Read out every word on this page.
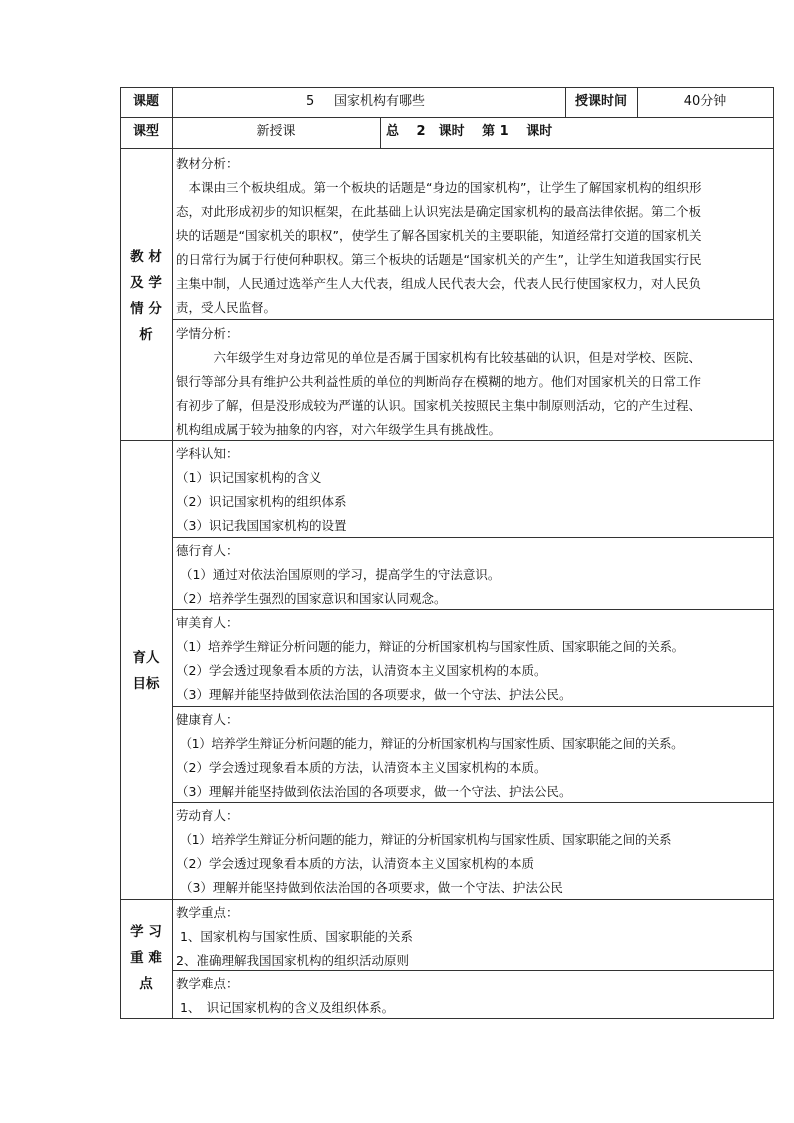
课题	5 国家机构有哪些	授课时间	40分钟
课型	新授课	总　 2　课时　 第 1　 课时
教 材
及 学
情 分
析
教材分析：
　本课由三个板块组成。第一个板块的话题是“身边的国家机构”，让学生了解国家机构的组织形
态，对此形成初步的知识框架，在此基础上认识宪法是确定国家机构的最高法律依据。第二个板
块的话题是“国家机关的职权”，使学生了解各国家机关的主要职能，知道经常打交道的国家机关
的日常行为属于行使何种职权。第三个板块的话题是“国家机关的产生”，让学生知道我国实行民
主集中制，人民通过选举产生人大代表，组成人民代表大会，代表人民行使国家权力，对人民负
责，受人民监督。
学情分析：
　　　六年级学生对身边常见的单位是否属于国家机构有比较基础的认识，但是对学校、医院、
银行等部分具有维护公共利益性质的单位的判断尚存在模糊的地方。他们对国家机关的日常工作
有初步了解，但是没形成较为严谨的认识。国家机关按照民主集中制原则活动，它的产生过程、
机构组成属于较为抽象的内容，对六年级学生具有挑战性。
育人
目标
学科认知：
（1）识记国家机构的含义
（2）识记国家机构的组织体系
（3）识记我国国家机构的设置
德行育人：
（1）通过对依法治国原则的学习，提高学生的守法意识。
（2）培养学生强烈的国家意识和国家认同观念。
审美育人：
（1）培养学生辩证分析问题的能力，辩证的分析国家机构与国家性质、国家职能之间的关系。
（2）学会透过现象看本质的方法，认清资本主义国家机构的本质。
（3）理解并能坚持做到依法治国的各项要求，做一个守法、护法公民。
健康育人：
（1）培养学生辩证分析问题的能力，辩证的分析国家机构与国家性质、国家职能之间的关系。
（2）学会透过现象看本质的方法，认清资本主义国家机构的本质。
（3）理解并能坚持做到依法治国的各项要求，做一个守法、护法公民。
劳动育人：
（1）培养学生辩证分析问题的能力，辩证的分析国家机构与国家性质、国家职能之间的关系
（2）学会透过现象看本质的方法，认清资本主义国家机构的本质
（3）理解并能坚持做到依法治国的各项要求，做一个守法、护法公民
学 习
重 难
点
教学重点：
1、国家机构与国家性质、国家职能的关系
2、准确理解我国国家机构的组织活动原则
教学难点：
1、　识记国家机构的含义及组织体系。
